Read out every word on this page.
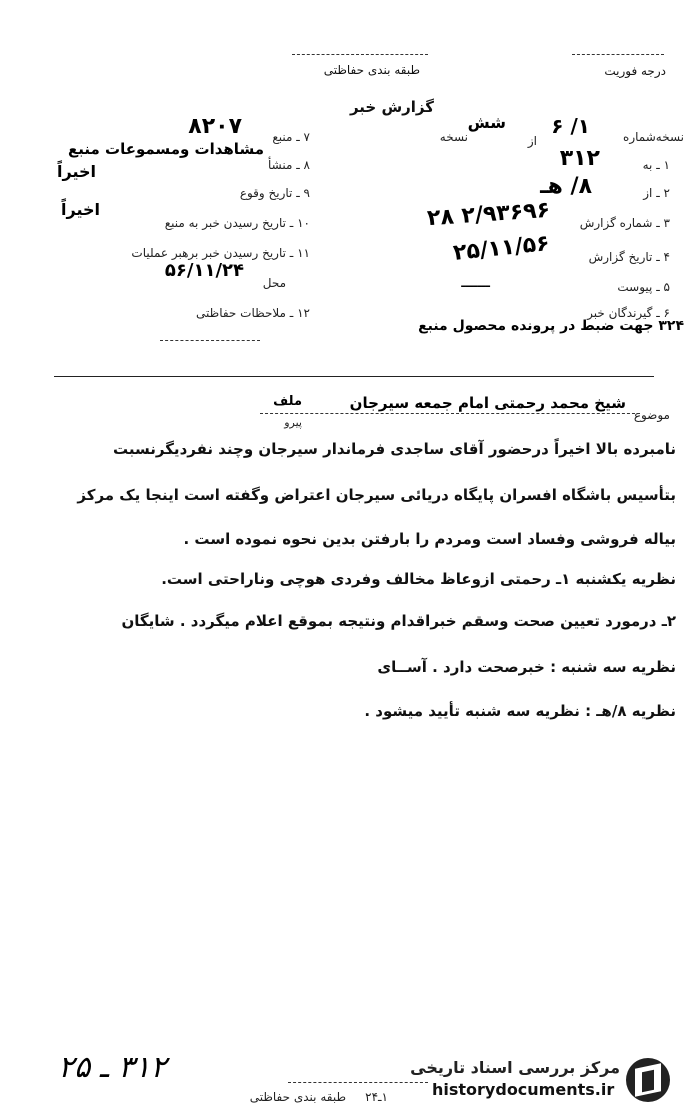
درجه فوریت
طبقه بندی حفاظتی
گزارش خبر
نسخه‌شماره
۱/ ۶
از
شش
نسخه
۱ ـ به
۳۱۲
۲ ـ از
۸/ هـ
۳ ـ شماره گزارش
۲/۹۳۶۹۶ ۲۸
۴ ـ تاریخ گزارش
۲۵/۱۱/۵۶
۵ ـ پیوست
ـــــــ
۶ ـ گیرندگان خبر
۳۲۴ جهت ضبط در پرونده محصول منبع
۸۲۰۷	۷ ـ منبع
مشاهدات ومسموعات منبع
۸ ـ منشأ
اخیراً
۹ ـ تاریخ وقوع
اخیراً
۱۰ ـ تاریخ رسیدن خبر به منبع
۱۱ ـ تاریخ رسیدن خبر برهبر عملیات
۵۶/۱۱/۲۴
محل
۱۲ ـ ملاحظات حفاظتی
موضوع
شیخ محمد رحمتی امام جمعه سیرجان
ملف
پیرو
نامبرده بالا اخیراً درحضور آقای ساجدی فرماندار سیرجان وچند نفردیگرنسبت
بتأسیس باشگاه افسران پایگاه دریائی سیرجان اعتراض وگفته است اینجا یک مرکز
بیاله فروشی وفساد است ومردم را بارفتن بدین نحوه نموده است .
نظریه یکشنبه ۱ـ رحمتی ازوعاظ مخالف وفردی هوچی وناراحتی است.
۲ـ درمورد تعیین صحت وسقم خبراقدام ونتیجه بموقع اعلام میگردد . شایگان
نظریه سه شنبه : خبرصحت دارد . آســای
نظریه ۸/هـ : نظریه سه شنبه تأیید میشود .
۳۱۲ ـ ۲۵
۱ـ۲۴
طبقه بندی حفاظتی
مرکز بررسی اسناد تاریخی
historydocuments.ir
